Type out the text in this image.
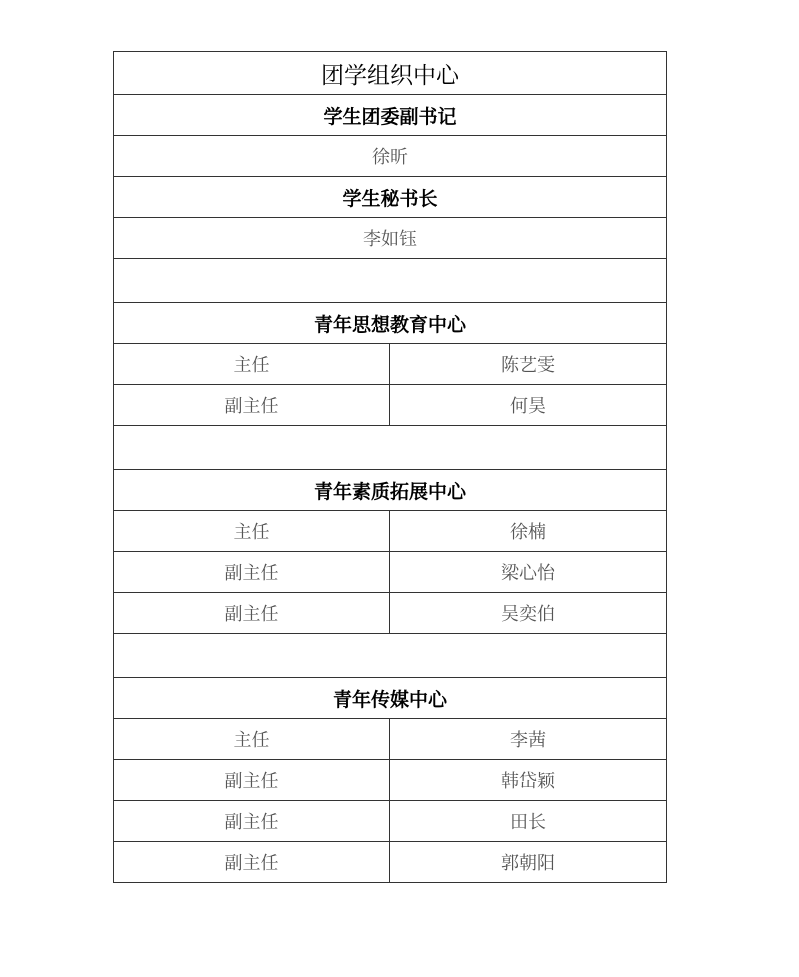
团学组织中心	
学生团委副书记	
徐昕	
学生秘书长	
李如钰	

青年思想教育中心	
主任	陈艺雯
副主任	何昊

青年素质拓展中心	
主任	徐楠
副主任	梁心怡
副主任	吴奕伯

青年传媒中心	
主任	李茜
副主任	韩岱颖
副主任	田长
副主任	郭朝阳
